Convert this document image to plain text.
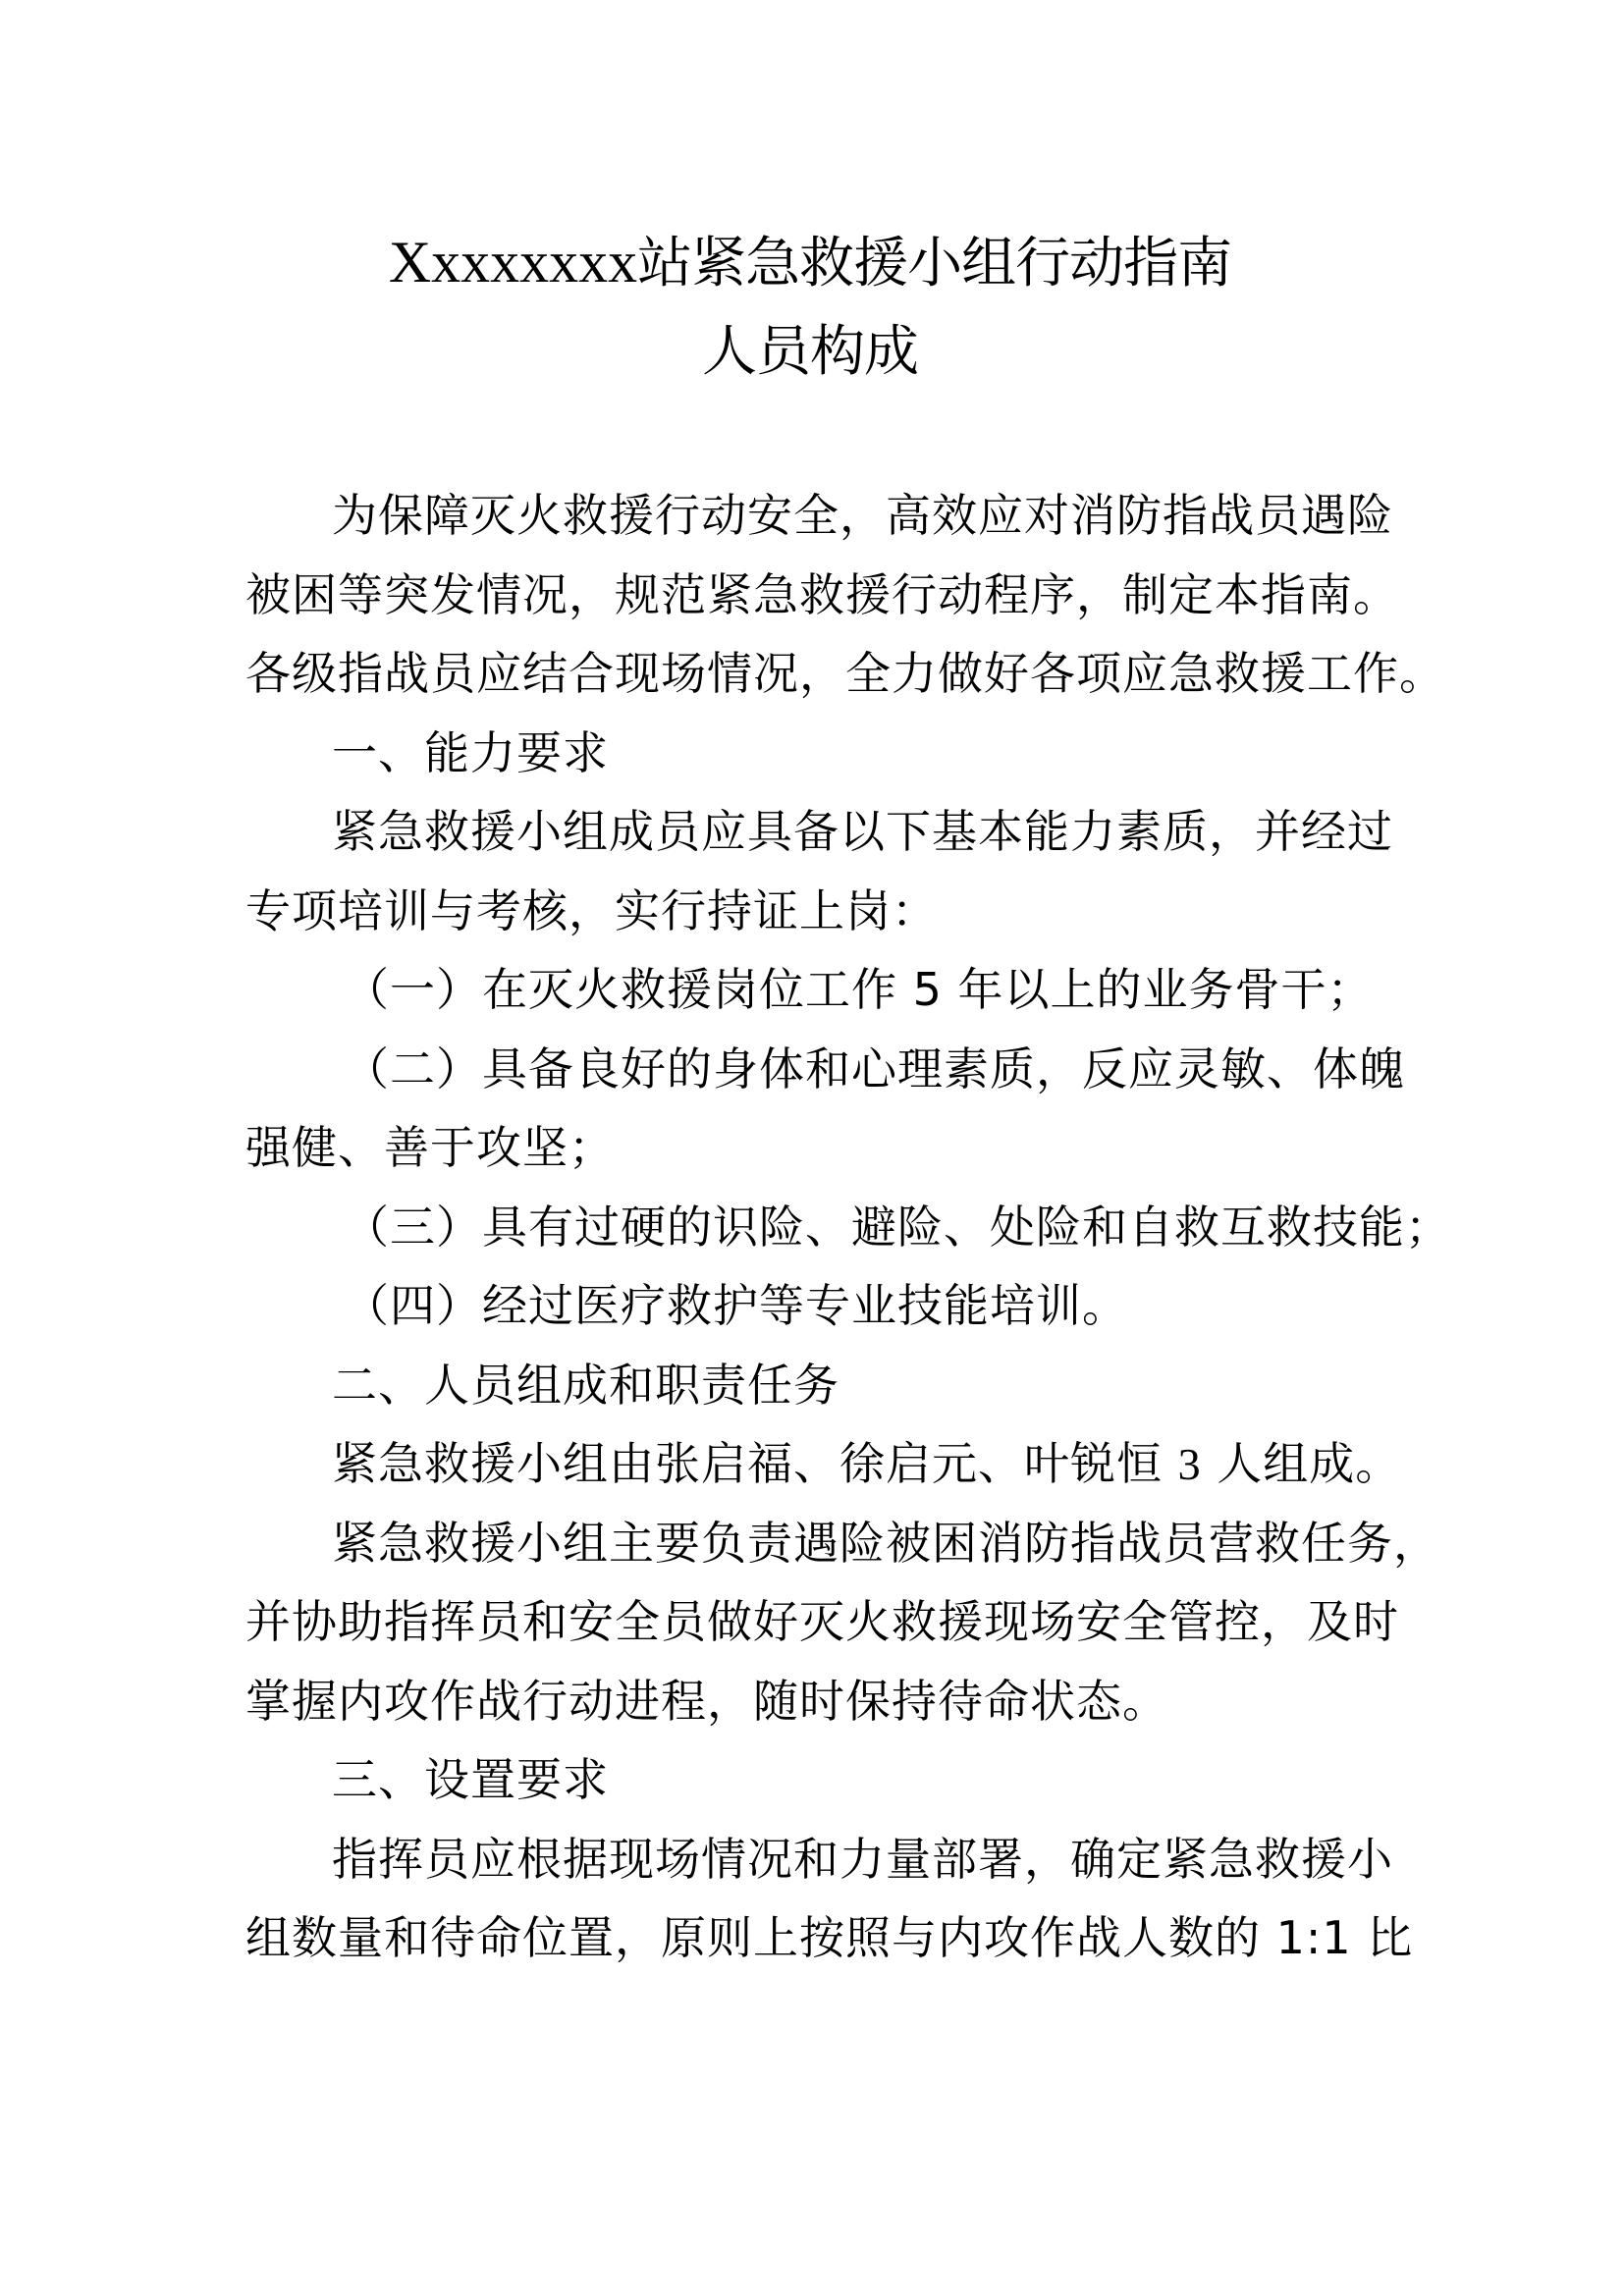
Xxxxxxxx站紧急救援小组行动指南
人员构成
为保障灭火救援行动安全，高效应对消防指战员遇险
被困等突发情况，规范紧急救援行动程序，制定本指南。
各级指战员应结合现场情况，全力做好各项应急救援工作。
一、能力要求
紧急救援小组成员应具备以下基本能力素质，并经过
专项培训与考核，实行持证上岗：
（一）在灭火救援岗位工作 5 年以上的业务骨干；
（二）具备良好的身体和心理素质，反应灵敏、体魄
强健、善于攻坚；
（三）具有过硬的识险、避险、处险和自救互救技能；
（四）经过医疗救护等专业技能培训。
二、人员组成和职责任务
紧急救援小组由张启福、徐启元、叶锐恒 3 人组成。
紧急救援小组主要负责遇险被困消防指战员营救任务，
并协助指挥员和安全员做好灭火救援现场安全管控，及时
掌握内攻作战行动进程，随时保持待命状态。
三、设置要求
指挥员应根据现场情况和力量部署，确定紧急救援小
组数量和待命位置，原则上按照与内攻作战人数的 1:1 比
